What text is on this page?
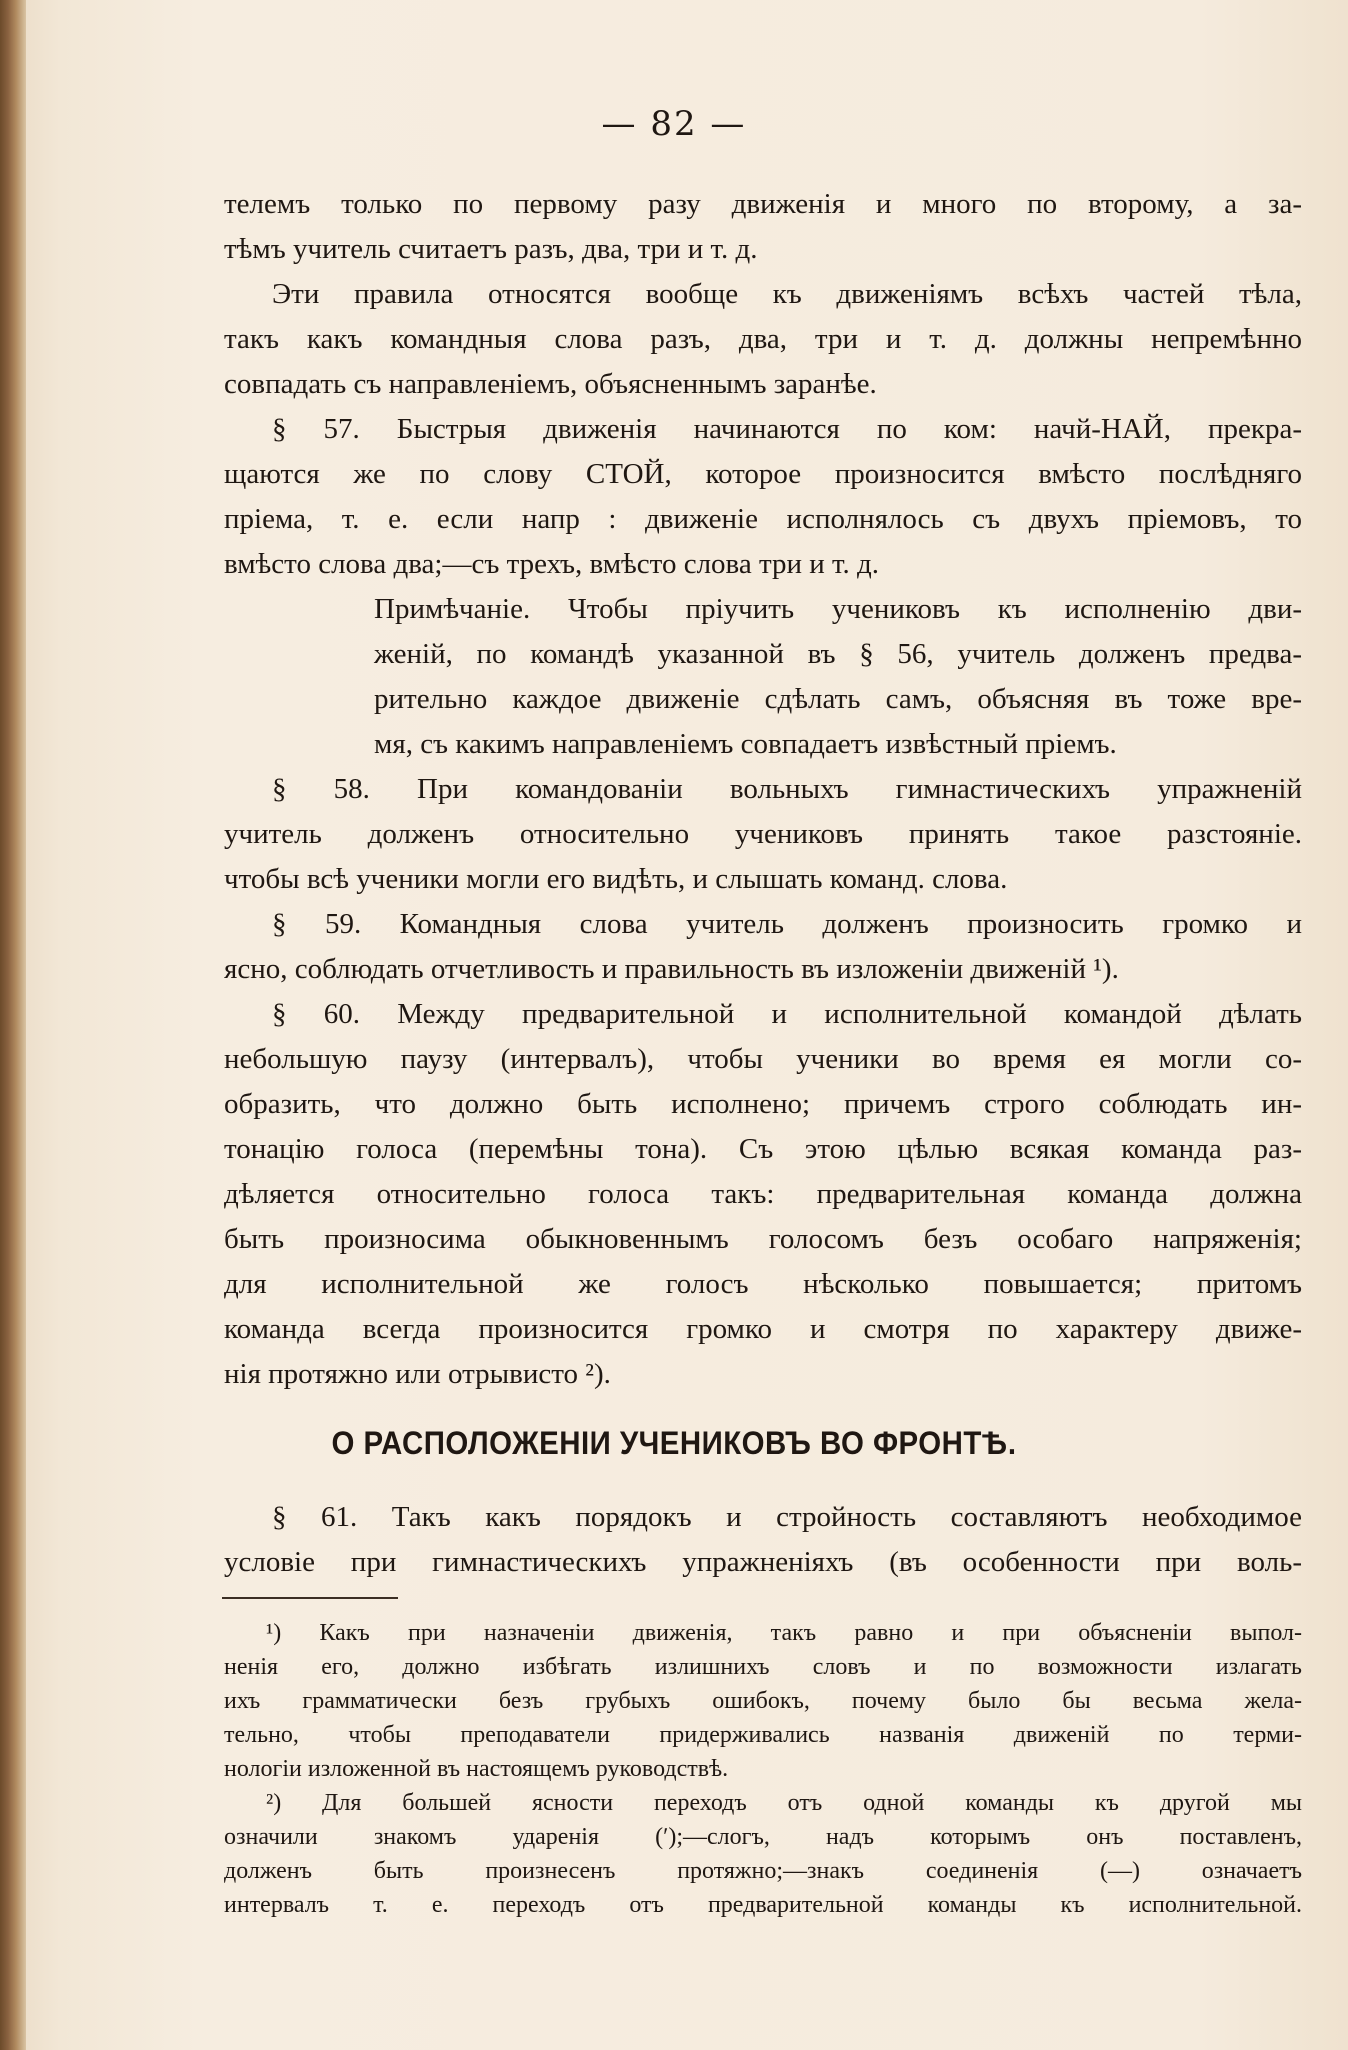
— 82 —
телемъ только по первому разу движенія и много по второму, а за-
тѣмъ учитель считаетъ разъ, два, три и т. д.
Эти правила относятся вообще къ движеніямъ всѣхъ частей тѣла,
такъ какъ командныя слова разъ, два, три и т. д. должны непремѣнно
совпадать съ направленіемъ, объясненнымъ заранѣе.
§ 57. Быстрыя движенія начинаются по ком: начй-НАЙ, прекра-
щаются же по слову СТОЙ, которое произносится вмѣсто послѣдняго
пріема, т. е. если напр : движеніе исполнялось съ двухъ пріемовъ, то
вмѣсто слова два;—съ трехъ, вмѣсто слова три и т. д.
Примѣчаніе. Чтобы пріучить учениковъ къ исполненію дви-
женій, по командѣ указанной въ § 56, учитель долженъ предва-
рительно каждое движеніе сдѣлать самъ, объясняя въ тоже вре-
мя, съ какимъ направленіемъ совпадаетъ извѣстный пріемъ.
§ 58. При командованіи вольныхъ гимнастическихъ упражненій
учитель долженъ относительно учениковъ принять такое разстояніе.
чтобы всѣ ученики могли его видѣть, и слышать команд. слова.
§ 59. Командныя слова учитель долженъ произносить громко и
ясно, соблюдать отчетливость и правильность въ изложеніи движеній ¹).
§ 60. Между предварительной и исполнительной командой дѣлать
небольшую паузу (интервалъ), чтобы ученики во время ея могли со-
образить, что должно быть исполнено; причемъ строго соблюдать ин-
тонацію голоса (перемѣны тона). Съ этою цѣлью всякая команда раз-
дѣляется относительно голоса такъ: предварительная команда должна
быть произносима обыкновеннымъ голосомъ безъ особаго напряженія;
для исполнительной же голосъ нѣсколько повышается; притомъ
команда всегда произносится громко и смотря по характеру движе-
нія протяжно или отрывисто ²).
О РАСПОЛОЖЕНІИ УЧЕНИКОВЪ ВО ФРОНТѢ.
§ 61. Такъ какъ порядокъ и стройность составляютъ необходимое
условіе при гимнастическихъ упражненіяхъ (въ особенности при воль-
¹) Какъ при назначеніи движенія, такъ равно и при объясненіи выпол-
ненія его, должно избѣгать излишнихъ словъ и по возможности излагать
ихъ грамматически безъ грубыхъ ошибокъ, почему было бы весьма жела-
тельно, чтобы преподаватели придерживались названія движеній по терми-
нологіи изложенной въ настоящемъ руководствѣ.
²) Для большей ясности переходъ отъ одной команды къ другой мы
означили знакомъ ударенія (ʹ);—слогъ, надъ которымъ онъ поставленъ,
долженъ быть произнесенъ протяжно;—знакъ соединенія (—) означаетъ
интервалъ т. е. переходъ отъ предварительной команды къ исполнительной.
